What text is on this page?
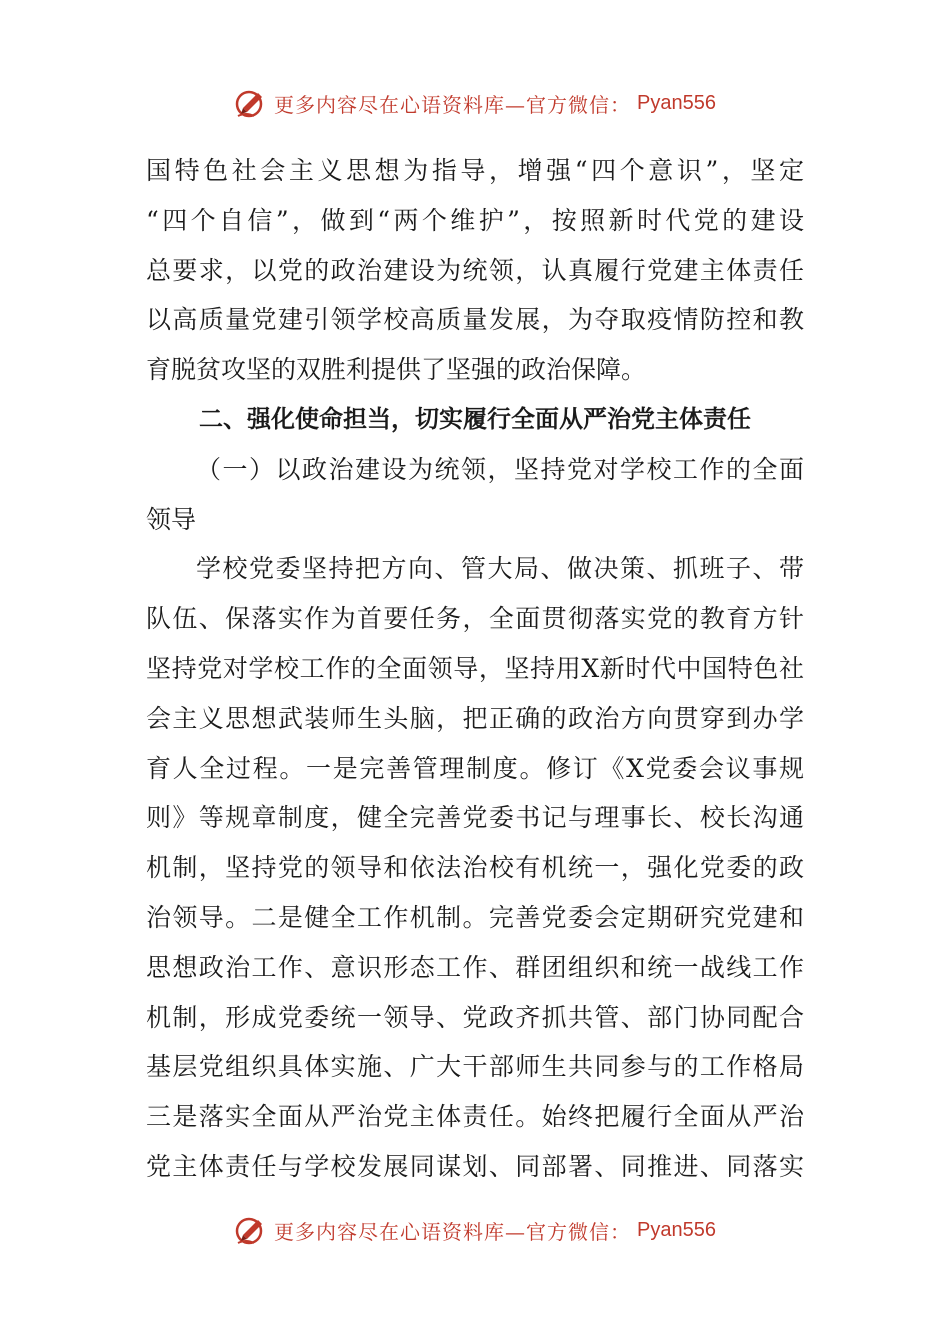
更多内容尽在心语资料库—官方微信： Pyan556
国特色社会主义思想为指导，增强“四个意识”，坚定
“四个自信”，做到“两个维护”，按照新时代党的建设
总要求，以党的政治建设为统领，认真履行党建主体责任
以高质量党建引领学校高质量发展，为夺取疫情防控和教
育脱贫攻坚的双胜利提供了坚强的政治保障。
二、强化使命担当，切实履行全面从严治党主体责任
（一）以政治建设为统领，坚持党对学校工作的全面
领导
学校党委坚持把方向、管大局、做决策、抓班子、带
队伍、保落实作为首要任务，全面贯彻落实党的教育方针
坚持党对学校工作的全面领导，坚持用X新时代中国特色社
会主义思想武装师生头脑，把正确的政治方向贯穿到办学
育人全过程。一是完善管理制度。修订《X党委会议事规
则》等规章制度，健全完善党委书记与理事长、校长沟通
机制，坚持党的领导和依法治校有机统一，强化党委的政
治领导。二是健全工作机制。完善党委会定期研究党建和
思想政治工作、意识形态工作、群团组织和统一战线工作
机制，形成党委统一领导、党政齐抓共管、部门协同配合
基层党组织具体实施、广大干部师生共同参与的工作格局
三是落实全面从严治党主体责任。始终把履行全面从严治
党主体责任与学校发展同谋划、同部署、同推进、同落实
更多内容尽在心语资料库—官方微信： Pyan556
